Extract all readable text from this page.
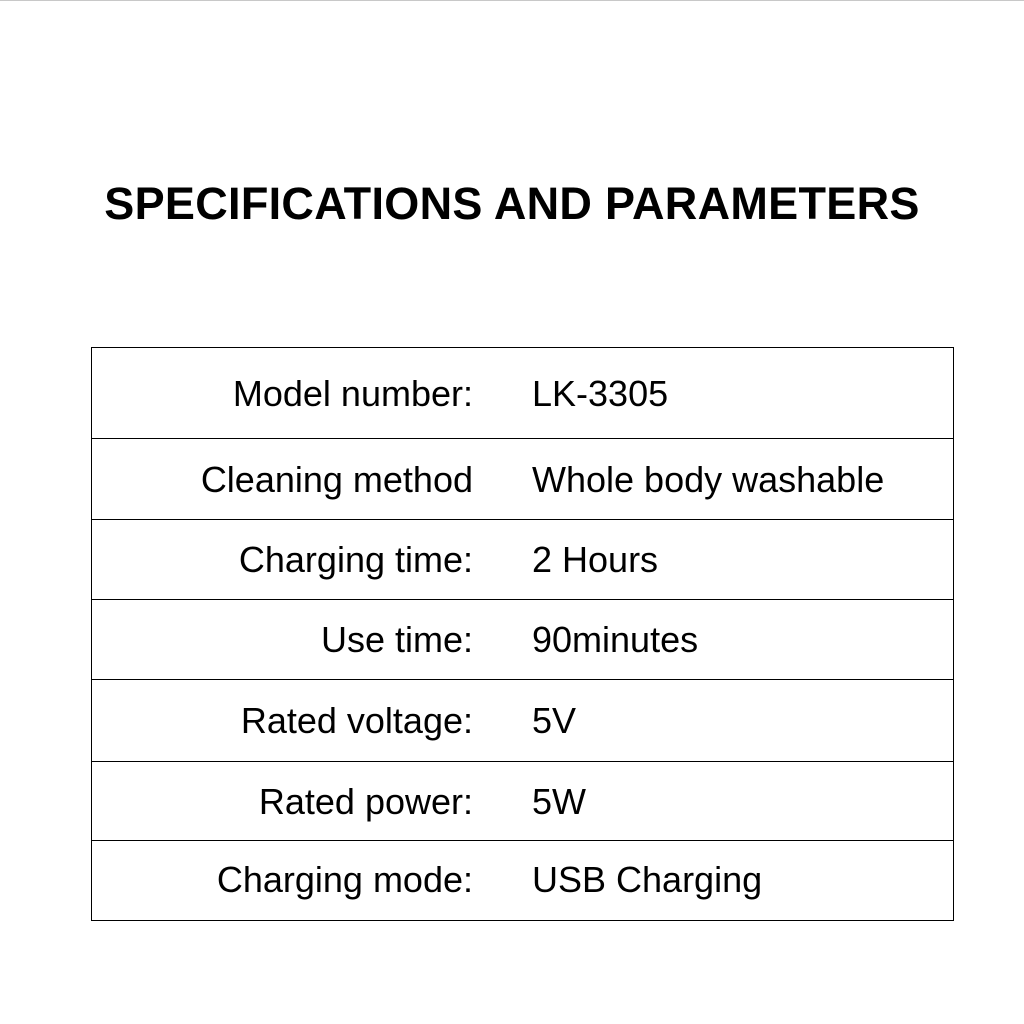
SPECIFICATIONS AND PARAMETERS
Model number: LK-3305
Cleaning method Whole body washable
Charging time: 2 Hours
Use time: 90minutes
Rated voltage: 5V
Rated power: 5W
Charging mode: USB Charging
